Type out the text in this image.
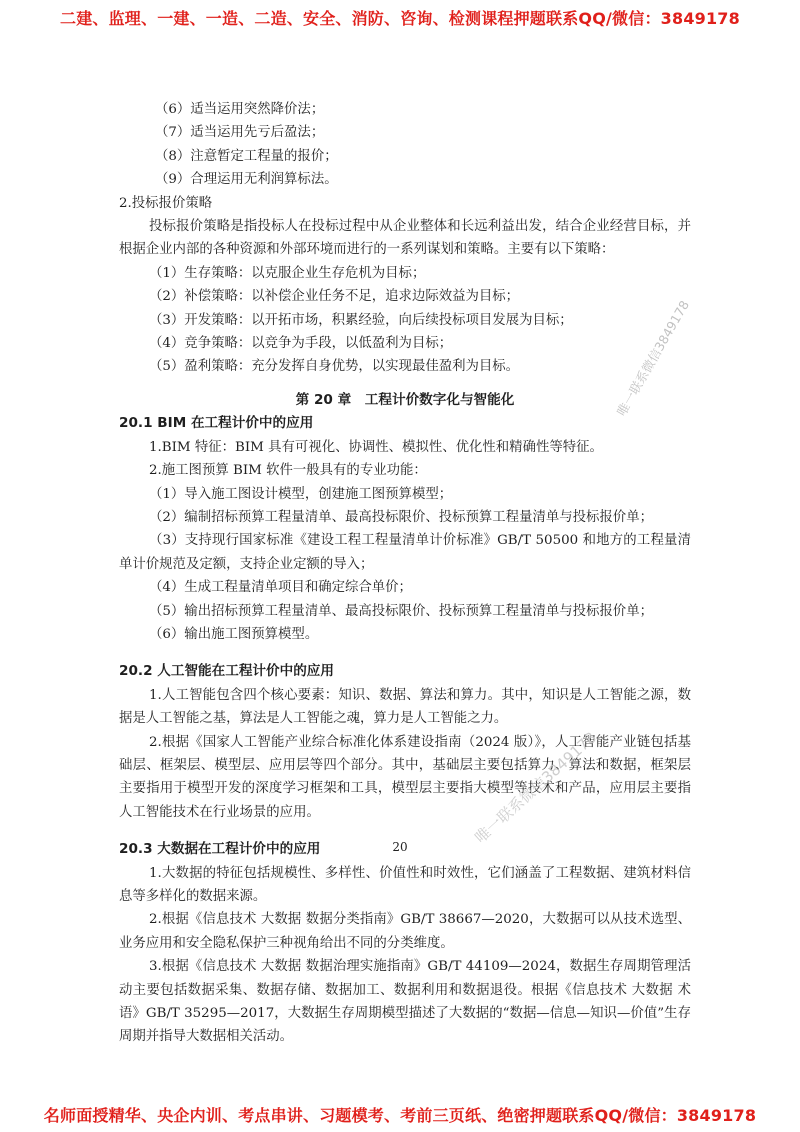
二建、监理、一建、一造、二造、安全、消防、咨询、检测课程押题联系QQ/微信：3849178
（6）适当运用突然降价法；
（7）适当运用先亏后盈法；
（8）注意暂定工程量的报价；
（9）合理运用无利润算标法。
2.投标报价策略
投标报价策略是指投标人在投标过程中从企业整体和长远利益出发，结合企业经营目标，并根据企业内部的各种资源和外部环境而进行的一系列谋划和策略。主要有以下策略：
（1）生存策略：以克服企业生存危机为目标；
（2）补偿策略：以补偿企业任务不足，追求边际效益为目标；
（3）开发策略：以开拓市场，积累经验，向后续投标项目发展为目标；
（4）竞争策略：以竞争为手段，以低盈利为目标；
（5）盈利策略：充分发挥自身优势，以实现最佳盈利为目标。
第 20 章　工程计价数字化与智能化
20.1 BIM 在工程计价中的应用
1.BIM 特征：BIM 具有可视化、协调性、模拟性、优化性和精确性等特征。
2.施工图预算 BIM 软件一般具有的专业功能：
（1）导入施工图设计模型，创建施工图预算模型；
（2）编制招标预算工程量清单、最高投标限价、投标预算工程量清单与投标报价单；
（3）支持现行国家标准《建设工程工程量清单计价标准》GB/T 50500 和地方的工程量清单计价规范及定额，支持企业定额的导入；
（4）生成工程量清单项目和确定综合单价；
（5）输出招标预算工程量清单、最高投标限价、投标预算工程量清单与投标报价单；
（6）输出施工图预算模型。
20.2 人工智能在工程计价中的应用
1.人工智能包含四个核心要素：知识、数据、算法和算力。其中，知识是人工智能之源，数据是人工智能之基，算法是人工智能之魂，算力是人工智能之力。
2.根据《国家人工智能产业综合标准化体系建设指南（2024 版）》，人工智能产业链包括基础层、框架层、模型层、应用层等四个部分。其中，基础层主要包括算力、算法和数据，框架层主要指用于模型开发的深度学习框架和工具，模型层主要指大模型等技术和产品，应用层主要指人工智能技术在行业场景的应用。
20.3 大数据在工程计价中的应用
1.大数据的特征包括规模性、多样性、价值性和时效性，它们涵盖了工程数据、建筑材料信息等多样化的数据来源。
2.根据《信息技术 大数据 数据分类指南》GB/T 38667—2020，大数据可以从技术选型、业务应用和安全隐私保护三种视角给出不同的分类维度。
3.根据《信息技术 大数据 数据治理实施指南》GB/T 44109—2024，数据生存周期管理活动主要包括数据采集、数据存储、数据加工、数据利用和数据退役。根据《信息技术 大数据 术语》GB/T 35295—2017，大数据生存周期模型描述了大数据的“数据—信息—知识—价值”生存周期并指导大数据相关活动。
唯一联系微信3849178
唯一联系微信3849178
20
名师面授精华、央企内训、考点串讲、习题模考、考前三页纸、绝密押题联系QQ/微信：3849178
